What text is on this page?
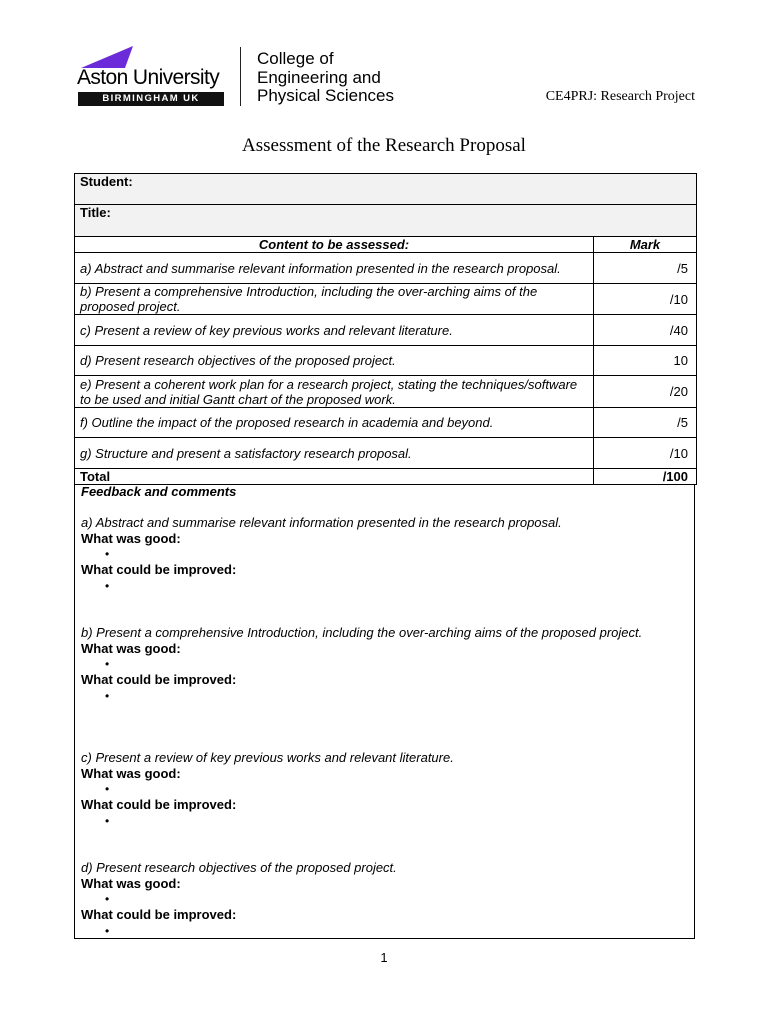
Aston University
BIRMINGHAM UK
College of
Engineering and
Physical Sciences	CE4PRJ: Research Project
Assessment of the Research Proposal
Student:	
Title:	
Content to be assessed:	Mark
a) Abstract and summarise relevant information presented in the research proposal.	/5
b) Present a comprehensive Introduction, including the over-arching aims of the proposed project.	/10
c) Present a review of key previous works and relevant literature.	/40
d) Present research objectives of the proposed project.	10
e) Present a coherent work plan for a research project, stating the techniques/software to be used and initial Gantt chart of the proposed work.	/20
f) Outline the impact of the proposed research in academia and beyond.	/5
g) Structure and present a satisfactory research proposal.	/10
Total	/100
Feedback and comments
a) Abstract and summarise relevant information presented in the research proposal.
What was good:
•
What could be improved:
•
b) Present a comprehensive Introduction, including the over-arching aims of the proposed project.
What was good:
•
What could be improved:
•
c) Present a review of key previous works and relevant literature.
What was good:
•
What could be improved:
•
d) Present research objectives of the proposed project.
What was good:
•
What could be improved:
•
1
